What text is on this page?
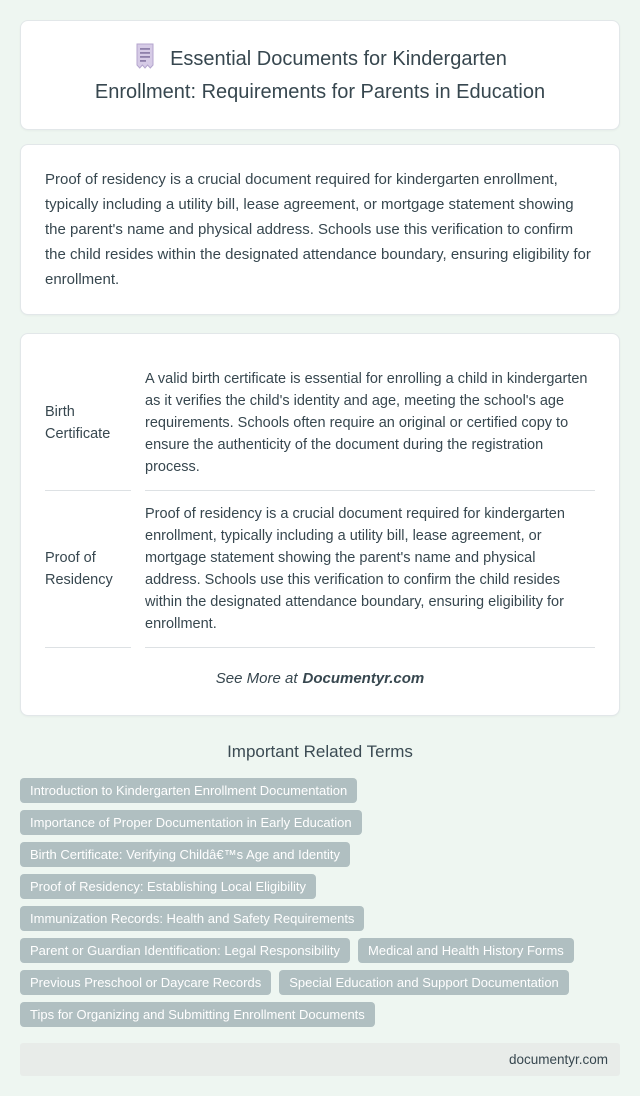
Essential Documents for Kindergarten Enrollment: Requirements for Parents in Education

Proof of residency is a crucial document required for kindergarten enrollment, typically including a utility bill, lease agreement, or mortgage statement showing the parent's name and physical address. Schools use this verification to confirm the child resides within the designated attendance boundary, ensuring eligibility for enrollment.

Birth Certificate	A valid birth certificate is essential for enrolling a child in kindergarten as it verifies the child's identity and age, meeting the school's age requirements. Schools often require an original or certified copy to ensure the authenticity of the document during the registration process.
Proof of Residency	Proof of residency is a crucial document required for kindergarten enrollment, typically including a utility bill, lease agreement, or mortgage statement showing the parent's name and physical address. Schools use this verification to confirm the child resides within the designated attendance boundary, ensuring eligibility for enrollment.
See More at Documentyr.com
Important Related Terms
Introduction to Kindergarten Enrollment Documentation
Importance of Proper Documentation in Early Education
Birth Certificate: Verifying Childâ€™s Age and Identity
Proof of Residency: Establishing Local Eligibility
Immunization Records: Health and Safety Requirements
Parent or Guardian Identification: Legal Responsibility	Medical and Health History Forms
Previous Preschool or Daycare Records	Special Education and Support Documentation
Tips for Organizing and Submitting Enrollment Documents
documentyr.com
